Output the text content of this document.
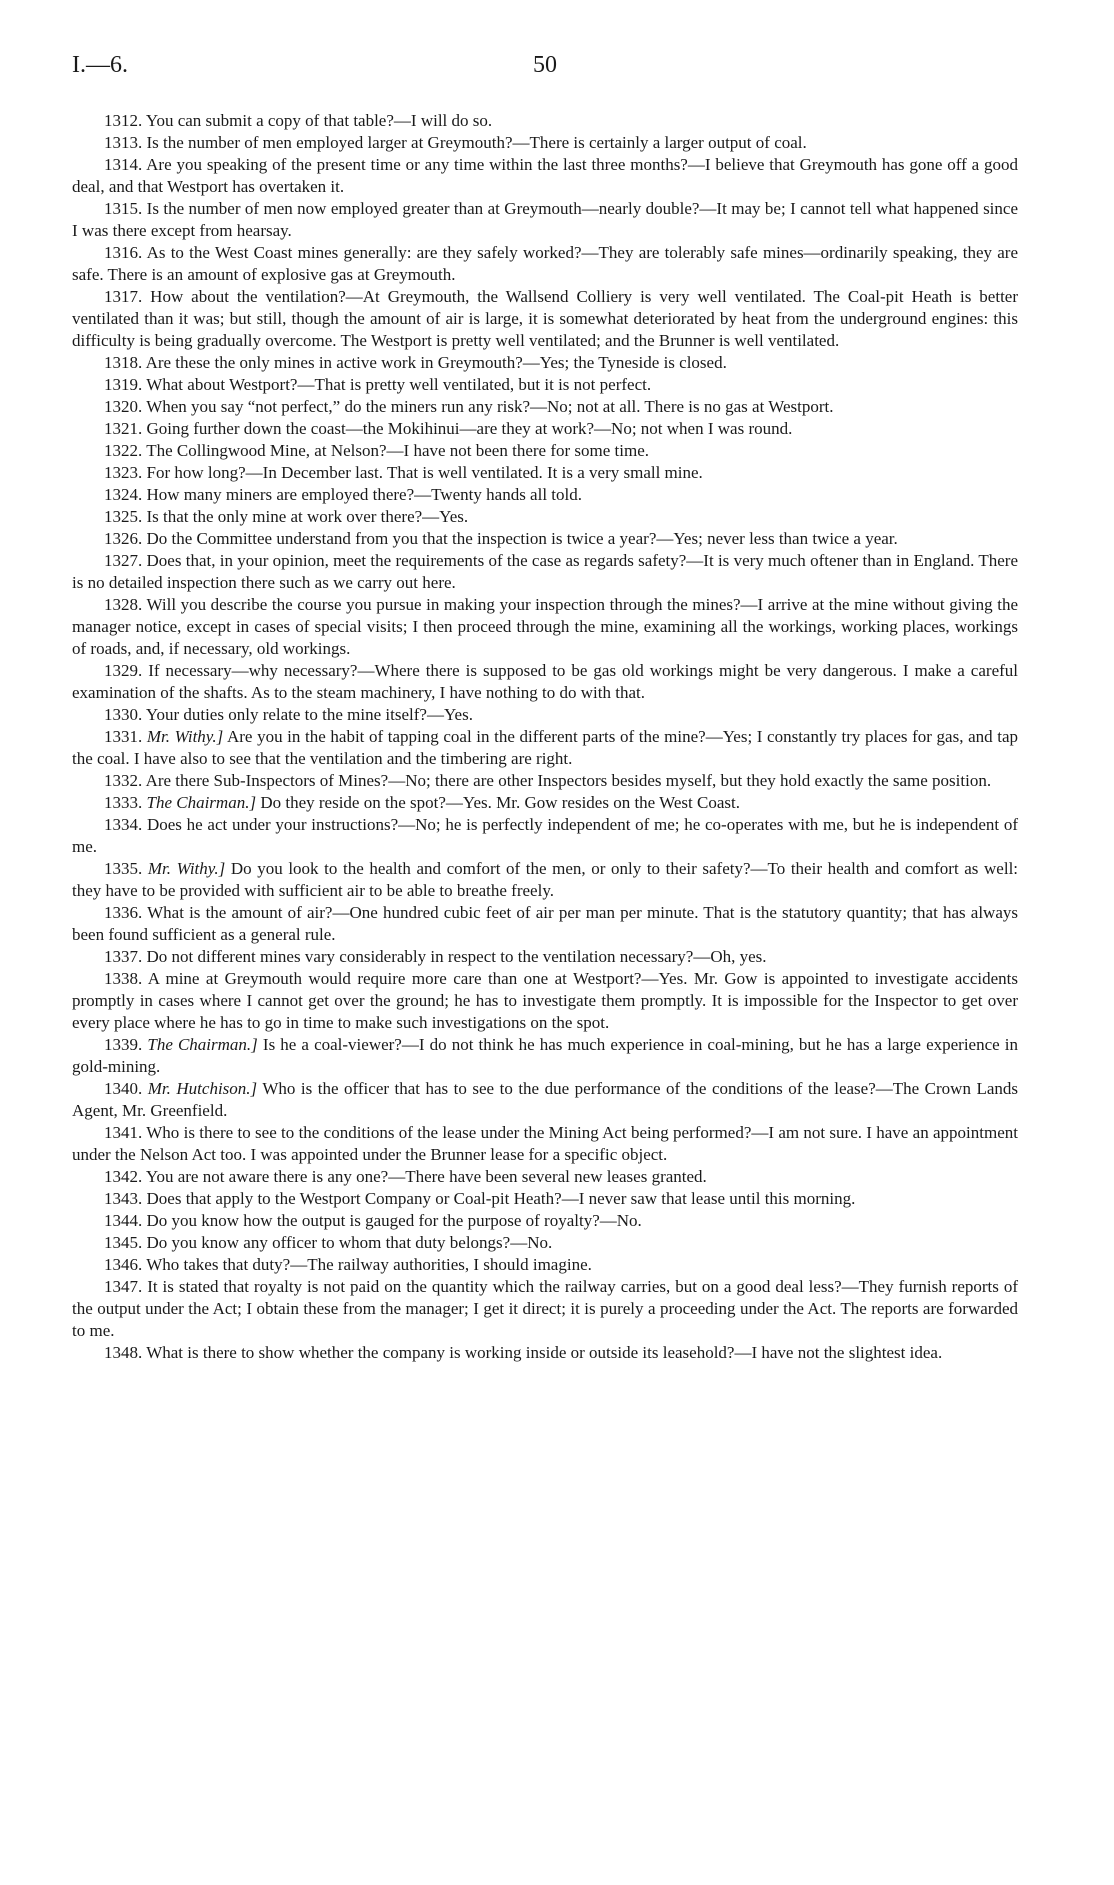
I.—6.	50

1312. You can submit a copy of that table?—I will do so.

1313. Is the number of men employed larger at Greymouth?—There is certainly a larger output of coal.

1314. Are you speaking of the present time or any time within the last three months?—I believe that Greymouth has gone off a good deal, and that Westport has overtaken it.

1315. Is the number of men now employed greater than at Greymouth—nearly double?—It may be; I cannot tell what happened since I was there except from hearsay.

1316. As to the West Coast mines generally: are they safely worked?—They are tolerably safe mines—ordinarily speaking, they are safe. There is an amount of explosive gas at Greymouth.

1317. How about the ventilation?—At Greymouth, the Wallsend Colliery is very well ventilated. The Coal-pit Heath is better ventilated than it was; but still, though the amount of air is large, it is somewhat deteriorated by heat from the underground engines: this difficulty is being gradually overcome. The Westport is pretty well ventilated; and the Brunner is well ventilated.

1318. Are these the only mines in active work in Greymouth?—Yes; the Tyneside is closed.

1319. What about Westport?—That is pretty well ventilated, but it is not perfect.

1320. When you say “not perfect,” do the miners run any risk?—No; not at all. There is no gas at Westport.

1321. Going further down the coast—the Mokihinui—are they at work?—No; not when I was round.

1322. The Collingwood Mine, at Nelson?—I have not been there for some time.

1323. For how long?—In December last. That is well ventilated. It is a very small mine.

1324. How many miners are employed there?—Twenty hands all told.

1325. Is that the only mine at work over there?—Yes.

1326. Do the Committee understand from you that the inspection is twice a year?—Yes; never less than twice a year.

1327. Does that, in your opinion, meet the requirements of the case as regards safety?—It is very much oftener than in England. There is no detailed inspection there such as we carry out here.

1328. Will you describe the course you pursue in making your inspection through the mines?—I arrive at the mine without giving the manager notice, except in cases of special visits; I then proceed through the mine, examining all the workings, working places, workings of roads, and, if necessary, old workings.

1329. If necessary—why necessary?—Where there is supposed to be gas old workings might be very dangerous. I make a careful examination of the shafts. As to the steam machinery, I have nothing to do with that.

1330. Your duties only relate to the mine itself?—Yes.

1331. Mr. Withy.] Are you in the habit of tapping coal in the different parts of the mine?—Yes; I constantly try places for gas, and tap the coal. I have also to see that the ventilation and the timbering are right.

1332. Are there Sub-Inspectors of Mines?—No; there are other Inspectors besides myself, but they hold exactly the same position.

1333. The Chairman.] Do they reside on the spot?—Yes. Mr. Gow resides on the West Coast.

1334. Does he act under your instructions?—No; he is perfectly independent of me; he co-operates with me, but he is independent of me.

1335. Mr. Withy.] Do you look to the health and comfort of the men, or only to their safety?—To their health and comfort as well: they have to be provided with sufficient air to be able to breathe freely.

1336. What is the amount of air?—One hundred cubic feet of air per man per minute. That is the statutory quantity; that has always been found sufficient as a general rule.

1337. Do not different mines vary considerably in respect to the ventilation necessary?—Oh, yes.

1338. A mine at Greymouth would require more care than one at Westport?—Yes. Mr. Gow is appointed to investigate accidents promptly in cases where I cannot get over the ground; he has to investigate them promptly. It is impossible for the Inspector to get over every place where he has to go in time to make such investigations on the spot.

1339. The Chairman.] Is he a coal-viewer?—I do not think he has much experience in coal-mining, but he has a large experience in gold-mining.

1340. Mr. Hutchison.] Who is the officer that has to see to the due performance of the conditions of the lease?—The Crown Lands Agent, Mr. Greenfield.

1341. Who is there to see to the conditions of the lease under the Mining Act being performed?—I am not sure. I have an appointment under the Nelson Act too. I was appointed under the Brunner lease for a specific object.

1342. You are not aware there is any one?—There have been several new leases granted.

1343. Does that apply to the Westport Company or Coal-pit Heath?—I never saw that lease until this morning.

1344. Do you know how the output is gauged for the purpose of royalty?—No.

1345. Do you know any officer to whom that duty belongs?—No.

1346. Who takes that duty?—The railway authorities, I should imagine.

1347. It is stated that royalty is not paid on the quantity which the railway carries, but on a good deal less?—They furnish reports of the output under the Act; I obtain these from the manager; I get it direct; it is purely a proceeding under the Act. The reports are forwarded to me.

1348. What is there to show whether the company is working inside or outside its leasehold?—I have not the slightest idea.
